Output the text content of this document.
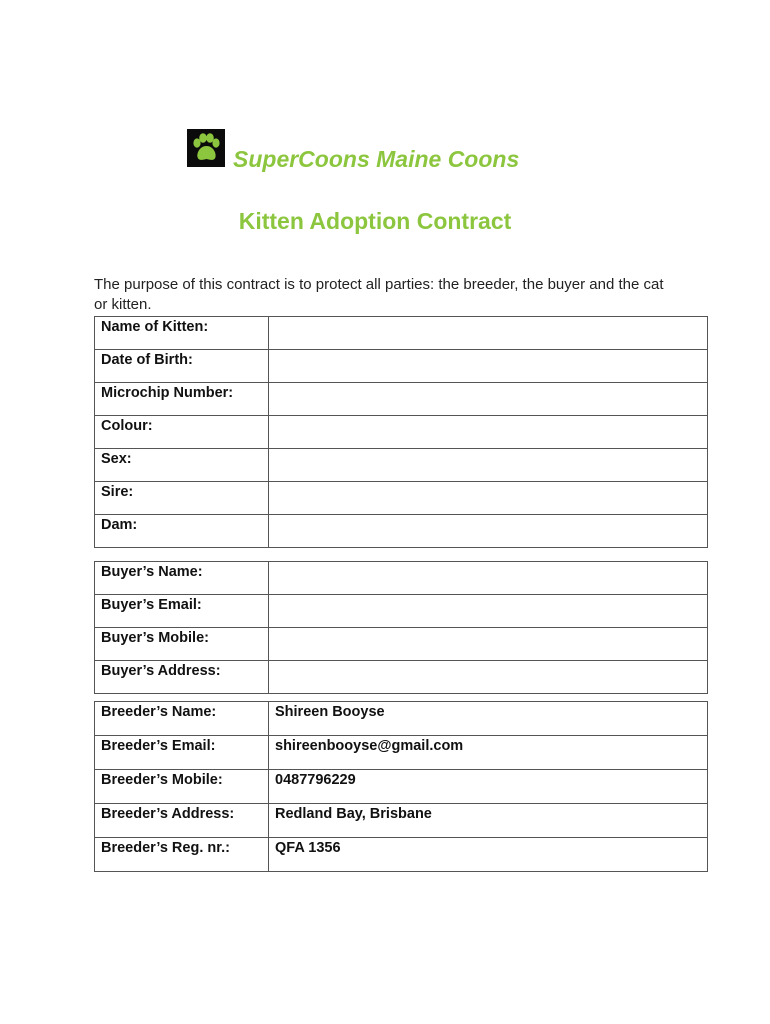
SuperCoons Maine Coons
Kitten Adoption Contract
The purpose of this contract is to protect all parties: the breeder, the buyer and the cat or kitten.
Name of Kitten:	
Date of Birth:	
Microchip Number:	
Colour:	
Sex:	
Sire:	
Dam:	
Buyer’s Name:	
Buyer’s Email:	
Buyer’s Mobile:	
Buyer’s Address:	
Breeder’s Name:	Shireen Booyse
Breeder’s Email:	shireenbooyse@gmail.com
Breeder’s Mobile:	0487796229
Breeder’s Address:	Redland Bay, Brisbane
Breeder’s Reg. nr.:	QFA 1356
